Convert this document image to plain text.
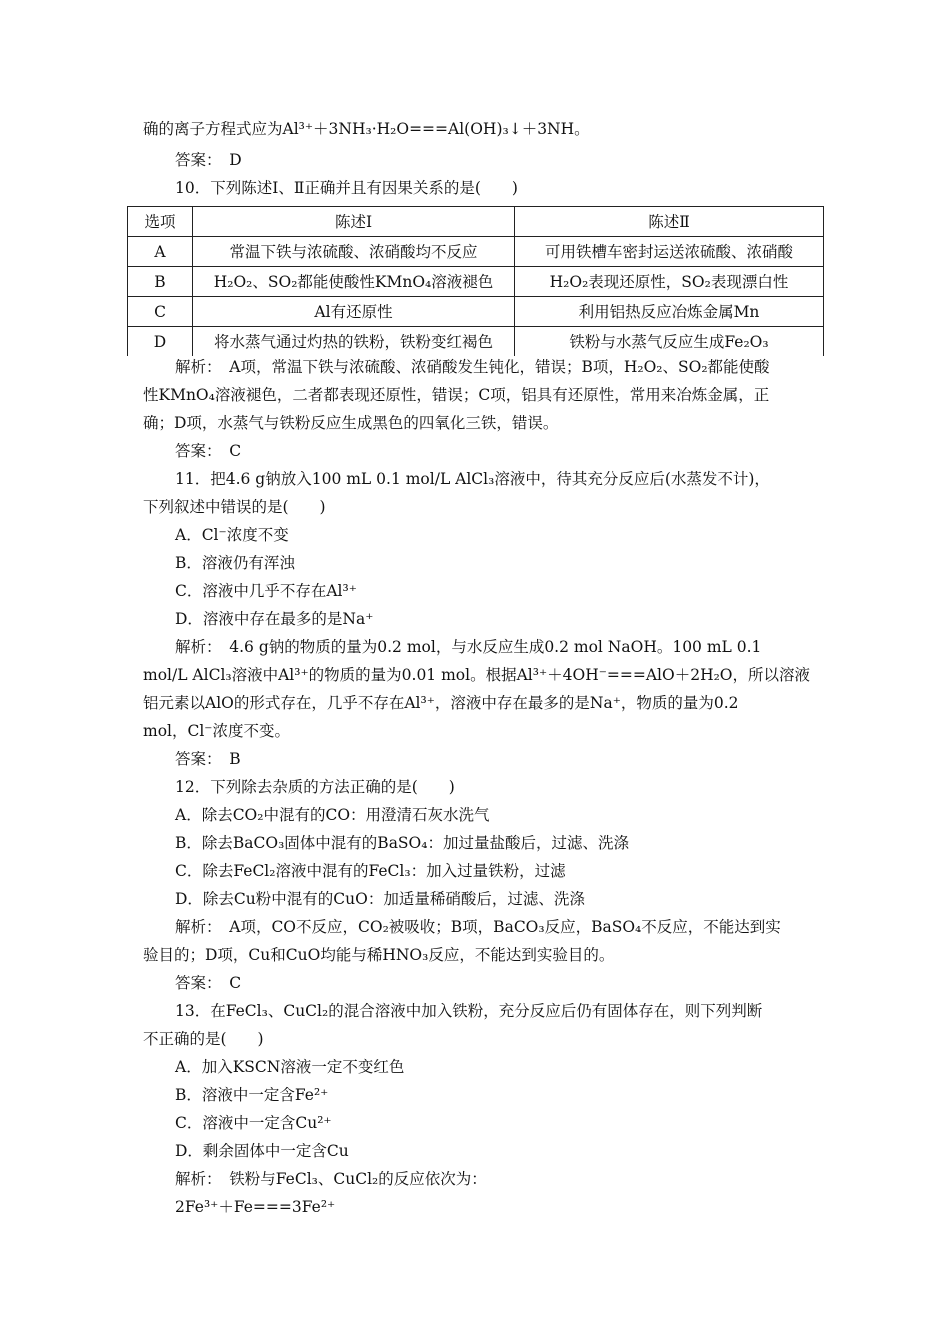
确的离子方程式应为Al³⁺＋3NH₃·H₂O===Al(OH)₃↓＋3NH。
答案：　D
10．下列陈述Ⅰ、Ⅱ正确并且有因果关系的是(　　)
选项	陈述Ⅰ	陈述Ⅱ
A	常温下铁与浓硫酸、浓硝酸均不反应	可用铁槽车密封运送浓硫酸、浓硝酸
B	H₂O₂、SO₂都能使酸性KMnO₄溶液褪色	H₂O₂表现还原性，SO₂表现漂白性
C	Al有还原性	利用铝热反应冶炼金属Mn
D	将水蒸气通过灼热的铁粉，铁粉变红褐色	铁粉与水蒸气反应生成Fe₂O₃
解析：　A项，常温下铁与浓硫酸、浓硝酸发生钝化，错误；B项，H₂O₂、SO₂都能使酸
性KMnO₄溶液褪色，二者都表现还原性，错误；C项，铝具有还原性，常用来冶炼金属，正
确；D项，水蒸气与铁粉反应生成黑色的四氧化三铁，错误。
答案：　C
11．把4.6 g钠放入100 mL 0.1 mol/L AlCl₃溶液中，待其充分反应后(水蒸发不计)，
下列叙述中错误的是(　　)
A．Cl⁻浓度不变
B．溶液仍有浑浊
C．溶液中几乎不存在Al³⁺
D．溶液中存在最多的是Na⁺
解析：　4.6 g钠的物质的量为0.2 mol，与水反应生成0.2 mol NaOH。100 mL 0.1
mol/L AlCl₃溶液中Al³⁺的物质的量为0.01 mol。根据Al³⁺＋4OH⁻===AlO＋2H₂O，所以溶液
铝元素以AlO的形式存在，几乎不存在Al³⁺，溶液中存在最多的是Na⁺，物质的量为0.2
mol，Cl⁻浓度不变。
答案：　B
12．下列除去杂质的方法正确的是(　　)
A．除去CO₂中混有的CO：用澄清石灰水洗气
B．除去BaCO₃固体中混有的BaSO₄：加过量盐酸后，过滤、洗涤
C．除去FeCl₂溶液中混有的FeCl₃：加入过量铁粉，过滤
D．除去Cu粉中混有的CuO：加适量稀硝酸后，过滤、洗涤
解析：　A项，CO不反应，CO₂被吸收；B项，BaCO₃反应，BaSO₄不反应，不能达到实
验目的；D项，Cu和CuO均能与稀HNO₃反应，不能达到实验目的。
答案：　C
13．在FeCl₃、CuCl₂的混合溶液中加入铁粉，充分反应后仍有固体存在，则下列判断
不正确的是(　　)
A．加入KSCN溶液一定不变红色
B．溶液中一定含Fe²⁺
C．溶液中一定含Cu²⁺
D．剩余固体中一定含Cu
解析：　铁粉与FeCl₃、CuCl₂的反应依次为：
2Fe³⁺＋Fe===3Fe²⁺
